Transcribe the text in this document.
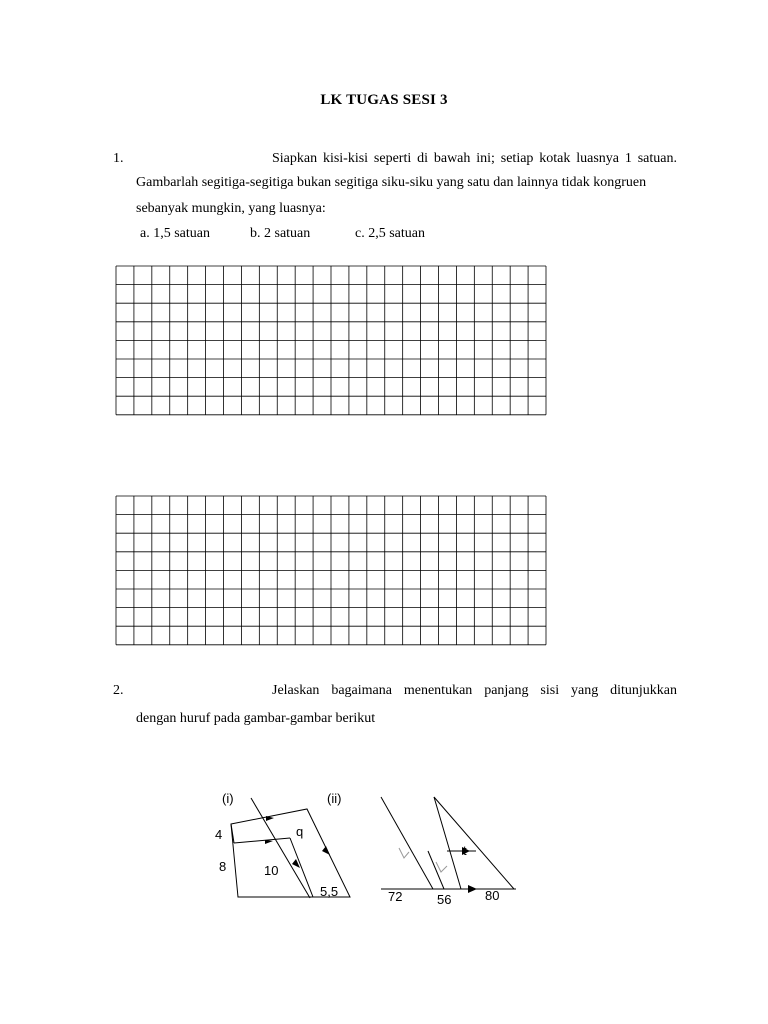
LK TUGAS SESI 3
1.	Siapkan kisi-kisi seperti di bawah ini; setiap kotak luasnya 1 satuan.
Gambarlah segitiga-segitiga bukan segitiga siku-siku yang satu dan lainnya tidak kongruen
sebanyak mungkin, yang luasnya:
a. 1,5 satuan	b. 2 satuan	c. 2,5 satuan
2.	Jelaskan bagaimana menentukan panjang sisi yang ditunjukkan
dengan huruf pada gambar-gambar berikut
(i)	(ii)
4
8	10
q
5,5	72	56	80
t
